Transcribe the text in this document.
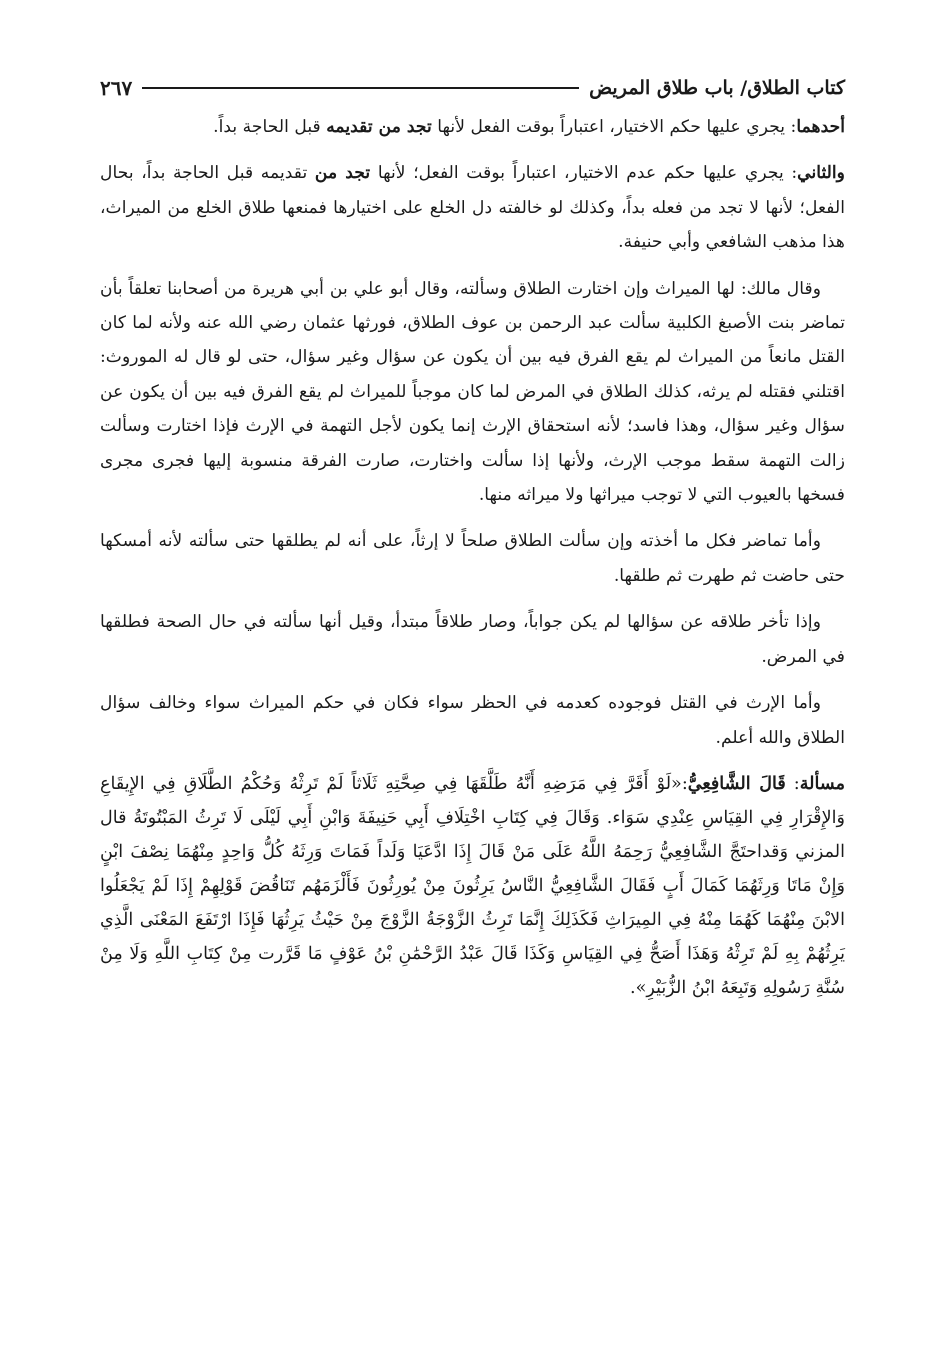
كتاب الطلاق/ باب طلاق المريض
٢٦٧

أحدهما: يجري عليها حكم الاختيار، اعتباراً بوقت الفعل لأنها تجد من تقديمه قبل الحاجة بداً.

والثاني: يجري عليها حكم عدم الاختيار، اعتباراً بوقت الفعل؛ لأنها تجد من تقديمه قبل الحاجة بداً، بحال الفعل؛ لأنها لا تجد من فعله بداً، وكذلك لو خالفته دل الخلع على اختيارها فمنعها طلاق الخلع من الميراث، هذا مذهب الشافعي وأبي حنيفة.

وقال مالك: لها الميراث وإن اختارت الطلاق وسألته، وقال أبو علي بن أبي هريرة من أصحابنا تعلقاً بأن تماضر بنت الأصبغ الكلبية سألت عبد الرحمن بن عوف الطلاق، فورثها عثمان رضي الله عنه ولأنه لما كان القتل مانعاً من الميراث لم يقع الفرق فيه بين أن يكون عن سؤال وغير سؤال، حتى لو قال له الموروث: اقتلني فقتله لم يرثه، كذلك الطلاق في المرض لما كان موجباً للميراث لم يقع الفرق فيه بين أن يكون عن سؤال وغير سؤال، وهذا فاسد؛ لأنه استحقاق الإرث إنما يكون لأجل التهمة في الإرث فإذا اختارت وسألت زالت التهمة سقط موجب الإرث، ولأنها إذا سألت واختارت، صارت الفرقة منسوبة إليها فجرى مجرى فسخها بالعيوب التي لا توجب ميراثها ولا ميراثه منها.

وأما تماضر فكل ما أخذته وإن سألت الطلاق صلحاً لا إرثاً، على أنه لم يطلقها حتى سألته لأنه أمسكها حتى حاضت ثم طهرت ثم طلقها.

وإذا تأخر طلاقه عن سؤالها لم يكن جواباً، وصار طلاقاً مبتدأ، وقيل أنها سألته في حال الصحة فطلقها في المرض.

وأما الإرث في القتل فوجوده كعدمه في الحظر سواء فكان في حكم الميراث سواء وخالف سؤال الطلاق والله أعلم.

مسألة: قَالَ الشَّافِعِيُّ:«لَوْ أَقَرَّ فِي مَرَضِهِ أَنَّهُ طَلَّقَهَا فِي صِحَّتِهِ ثَلَاثاً لَمْ تَرِثْهُ وَحُكْمُ الطَّلَاقِ فِي الإِيقَاعِ وَالإِقْرَارِ فِي القِيَاسِ عِنْدِي سَوَاء. وَقَالَ فِي كِتَابِ اخْتِلَافِ أَبِي حَنِيفَةَ وَابْنِ أَبِي لَيْلَى لَا تَرِثُ المَبْتُوتَةُ قال المزني وَقداحتَجَّ الشَّافِعِيُّ رَحِمَهُ اللَّهُ عَلَى مَنْ قَالَ إِذَا ادَّعَيَا وَلَداً فَمَاتَ وَرِثَهُ كُلُّ وَاحِدٍ مِنْهُمَا نِصْفَ ابْنٍ وَإِنْ مَاتَا وَرِثَهُمَا كَمَالَ أَبٍ فَقَالَ الشَّافِعِيُّ النَّاسُ يَرِثُونَ مِنْ يُورِثُونَ فَأَلْزَمَهُم تَنَاقُضَ قَوْلِهِمْ إِذَا لَمْ يَجْعَلُوا الابْنَ مِنْهُمَا كَهُمَا مِنْهُ فِي المِيرَاثِ فَكَذَلِكَ إِنَّمَا تَرِثُ الزَّوْجَةُ الزَّوْجَ مِنْ حَيْثُ يَرِثُهَا فَإِذَا ارْتَفَعَ المَعْنَى الَّذِي يَرِثُهُمْ بِهِ لَمْ تَرِثْهُ وَهَذَا أَصَحُّ فِي القِيَاسِ وَكَذَا قَالَ عَبْدُ الرَّحْمَٰنِ بْنُ عَوْفٍ مَا قَرَّرت مِنْ كِتَابِ اللَّهِ وَلَا مِنْ سُنَّةِ رَسُولِهِ وَتَبِعَهُ ابْنُ الزُّبَيْرِ».
